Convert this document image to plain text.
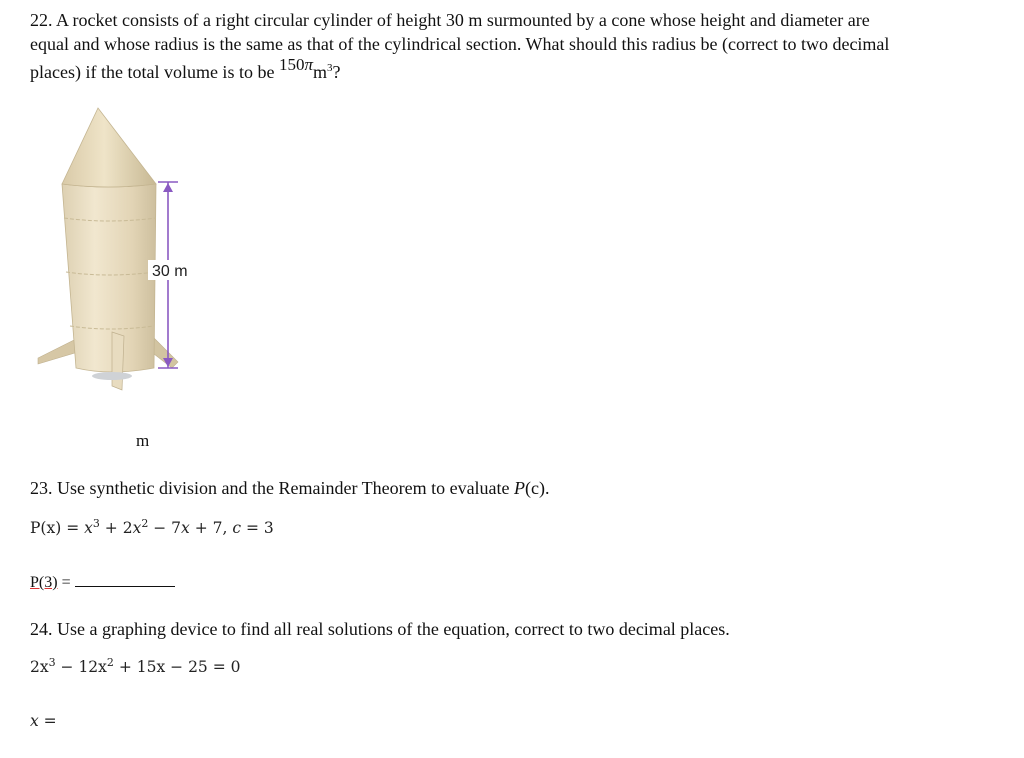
22. A rocket consists of a right circular cylinder of height 30 m surmounted by a cone whose height and diameter are
equal and whose radius is the same as that of the cylindrical section. What should this radius be (correct to two decimal
places) if the total volume is to be $150\pi m^3$?
30 m
m
23. Use synthetic division and the Remainder Theorem to evaluate P(c).
$P(x) = x^3 + 2x^2 - 7x + 7$, c = 3
P(3) =
24. Use a graphing device to find all real solutions of the equation, correct to two decimal places.
$2x^3 - 12x^2 + 15x - 25 = 0$
x =
